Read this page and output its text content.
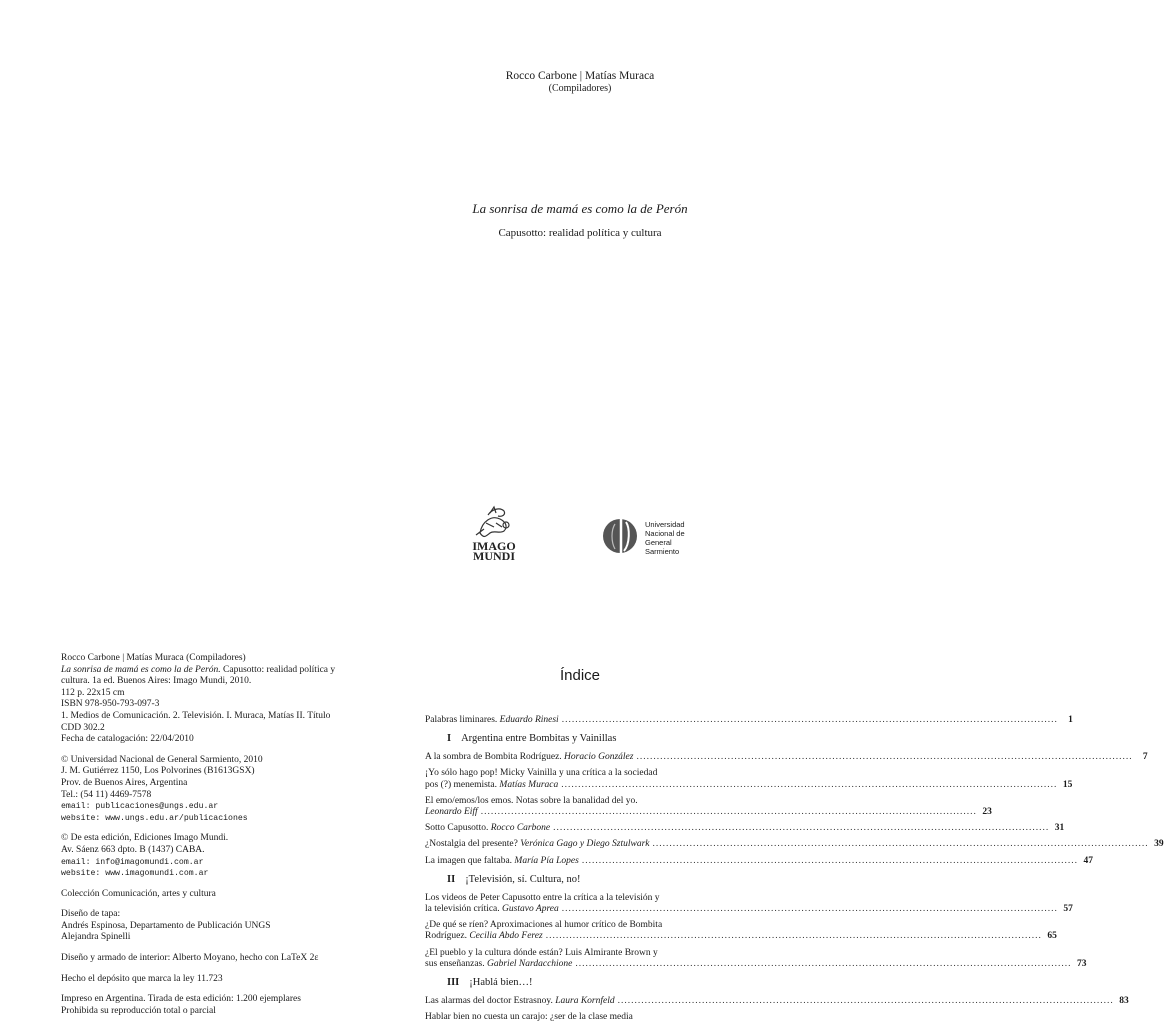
Rocco Carbone | Matías Muraca
(Compiladores)
La sonrisa de mamá es como la de Perón
Capusotto: realidad política y cultura
IMAGO
MUNDI
Universidad
Nacional de
General
Sarmiento
Rocco Carbone | Matías Muraca (Compiladores)
La sonrisa de mamá es como la de Perón. Capusotto: realidad política y
cultura. 1a ed. Buenos Aires: Imago Mundi, 2010.
112 p. 22x15 cm
ISBN 978-950-793-097-3
1. Medios de Comunicación. 2. Televisión. I. Muraca, Matías II. Título
CDD 302.2
Fecha de catalogación: 22/04/2010
© Universidad Nacional de General Sarmiento, 2010
J. M. Gutiérrez 1150, Los Polvorines (B1613GSX)
Prov. de Buenos Aires, Argentina
Tel.: (54 11) 4469-7578
email: publicaciones@ungs.edu.ar
website: www.ungs.edu.ar/publicaciones
© De esta edición, Ediciones Imago Mundi.
Av. Sáenz 663 dpto. B (1437) CABA.
email: info@imagomundi.com.ar
website: www.imagomundi.com.ar
Colección Comunicación, artes y cultura
Diseño de tapa:
Andrés Espinosa, Departamento de Publicación UNGS
Alejandra Spinelli
Diseño y armado de interior: Alberto Moyano, hecho con LaTeX 2ε
Hecho el depósito que marca la ley 11.723
Impreso en Argentina. Tirada de esta edición: 1.200 ejemplares
Prohibida su reproducción total o parcial
Índice
Palabras liminares. Eduardo Rinesi .....	1
I Argentina entre Bombitas y Vainillas
A la sombra de Bombita Rodríguez. Horacio González .....	7
¡Yo sólo hago pop! Micky Vainilla y una crítica a la sociedad
pos (?) menemista. Matías Muraca .....	15
El emo/emos/los emos. Notas sobre la banalidad del yo.
Leonardo Eiff .....	23
Sotto Capusotto. Rocco Carbone .....	31
¿Nostalgia del presente? Verónica Gago y Diego Sztulwark .....	39
La imagen que faltaba. María Pía Lopes .....	47
II ¡Televisión, sí. Cultura, no!
Los videos de Peter Capusotto entre la crítica a la televisión y
la televisión crítica. Gustavo Aprea .....	57
¿De qué se ríen? Aproximaciones al humor crítico de Bombita
Rodríguez. Cecilia Abdo Ferez .....	65
¿El pueblo y la cultura dónde están? Luis Almirante Brown y
sus enseñanzas. Gabriel Nardacchione .....	73
III ¡Hablá bien…!
Las alarmas del doctor Estrasnoy. Laura Kornfeld .....	83
Hablar bien no cuesta un carajo: ¿ser de la clase media
